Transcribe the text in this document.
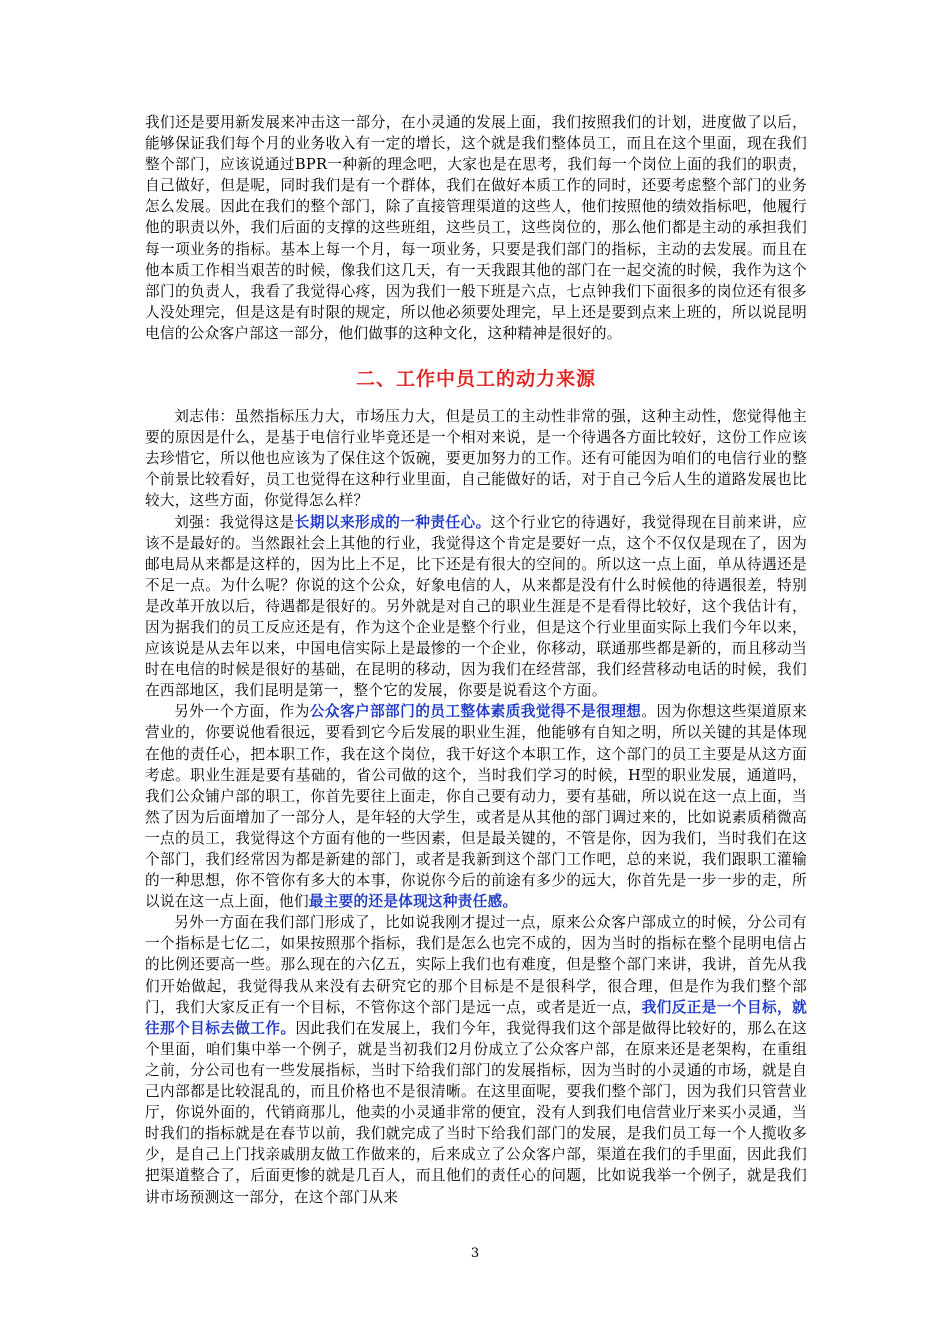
我们还是要用新发展来冲击这一部分，在小灵通的发展上面，我们按照我们的计划，进度做了以后，能够保证我们每个月的业务收入有一定的增长，这个就是我们整体员工，而且在这个里面，现在我们整个部门，应该说通过BPR一种新的理念吧，大家也是在思考，我们每一个岗位上面的我们的职责，自己做好，但是呢，同时我们是有一个群体，我们在做好本质工作的同时，还要考虑整个部门的业务怎么发展。因此在我们的整个部门，除了直接管理渠道的这些人，他们按照他的绩效指标吧，他履行他的职责以外，我们后面的支撑的这些班组，这些员工，这些岗位的，那么他们都是主动的承担我们每一项业务的指标。基本上每一个月，每一项业务，只要是我们部门的指标，主动的去发展。而且在他本质工作相当艰苦的时候，像我们这几天，有一天我跟其他的部门在一起交流的时候，我作为这个部门的负责人，我看了我觉得心疼，因为我们一般下班是六点，七点钟我们下面很多的岗位还有很多人没处理完，但是这是有时限的规定，所以他必须要处理完，早上还是要到点来上班的，所以说昆明电信的公众客户部这一部分，他们做事的这种文化，这种精神是很好的。

二、工作中员工的动力来源

刘志伟：虽然指标压力大，市场压力大，但是员工的主动性非常的强，这种主动性，您觉得他主要的原因是什么，是基于电信行业毕竟还是一个相对来说，是一个待遇各方面比较好，这份工作应该去珍惜它，所以他也应该为了保住这个饭碗，要更加努力的工作。还有可能因为咱们的电信行业的整个前景比较看好，员工也觉得在这种行业里面，自己能做好的话，对于自己今后人生的道路发展也比较大，这些方面，你觉得怎么样？

刘强：我觉得这是长期以来形成的一种责任心。这个行业它的待遇好，我觉得现在目前来讲，应该不是最好的。当然跟社会上其他的行业，我觉得这个肯定是要好一点，这个不仅仅是现在了，因为邮电局从来都是这样的，因为比上不足，比下还是有很大的空间的。所以这一点上面，单从待遇还是不足一点。为什么呢？你说的这个公众，好象电信的人，从来都是没有什么时候他的待遇很差，特别是改革开放以后，待遇都是很好的。另外就是对自己的职业生涯是不是看得比较好，这个我估计有，因为据我们的员工反应还是有，作为这个企业是整个行业，但是这个行业里面实际上我们今年以来，应该说是从去年以来，中国电信实际上是最惨的一个企业，你移动，联通那些都是新的，而且移动当时在电信的时候是很好的基础，在昆明的移动，因为我们在经营部，我们经营移动电话的时候，我们在西部地区，我们昆明是第一，整个它的发展，你要是说看这个方面。

另外一个方面，作为公众客户部部门的员工整体素质我觉得不是很理想。因为你想这些渠道原来营业的，你要说他看很远，要看到它今后发展的职业生涯，他能够有自知之明，所以关键的其是体现在他的责任心，把本职工作，我在这个岗位，我干好这个本职工作，这个部门的员工主要是从这方面考虑。职业生涯是要有基础的，省公司做的这个，当时我们学习的时候，H型的职业发展，通道吗，我们公众铺户部的职工，你首先要往上面走，你自己要有动力，要有基础，所以说在这一点上面，当然了因为后面增加了一部分人，是年轻的大学生，或者是从其他的部门调过来的，比如说素质稍微高一点的员工，我觉得这个方面有他的一些因素，但是最关键的，不管是你，因为我们，当时我们在这个部门，我们经常因为都是新建的部门，或者是我新到这个部门工作吧，总的来说，我们跟职工灌输的一种思想，你不管你有多大的本事，你说你今后的前途有多少的远大，你首先是一步一步的走，所以说在这一点上面，他们最主要的还是体现这种责任感。

另外一方面在我们部门形成了，比如说我刚才提过一点，原来公众客户部成立的时候，分公司有一个指标是七亿二，如果按照那个指标，我们是怎么也完不成的，因为当时的指标在整个昆明电信占的比例还要高一些。那么现在的六亿五，实际上我们也有难度，但是整个部门来讲，我讲，首先从我们开始做起，我觉得我从来没有去研究它的那个目标是不是很科学，很合理，但是作为我们整个部门，我们大家反正有一个目标，不管你这个部门是远一点，或者是近一点，我们反正是一个目标，就往那个目标去做工作。因此我们在发展上，我们今年，我觉得我们这个部是做得比较好的，那么在这个里面，咱们集中举一个例子，就是当初我们2月份成立了公众客户部，在原来还是老架构，在重组之前，分公司也有一些发展指标，当时下给我们部门的发展指标，因为当时的小灵通的市场，就是自己内部都是比较混乱的，而且价格也不是很清晰。在这里面呢，要我们整个部门，因为我们只管营业厅，你说外面的，代销商那儿，他卖的小灵通非常的便宜，没有人到我们电信营业厅来买小灵通，当时我们的指标就是在春节以前，我们就完成了当时下给我们部门的发展，是我们员工每一个人揽收多少，是自己上门找亲戚朋友做工作做来的，后来成立了公众客户部，渠道在我们的手里面，因此我们把渠道整合了，后面更惨的就是几百人，而且他们的责任心的问题，比如说我举一个例子，就是我们讲市场预测这一部分，在这个部门从来

3
